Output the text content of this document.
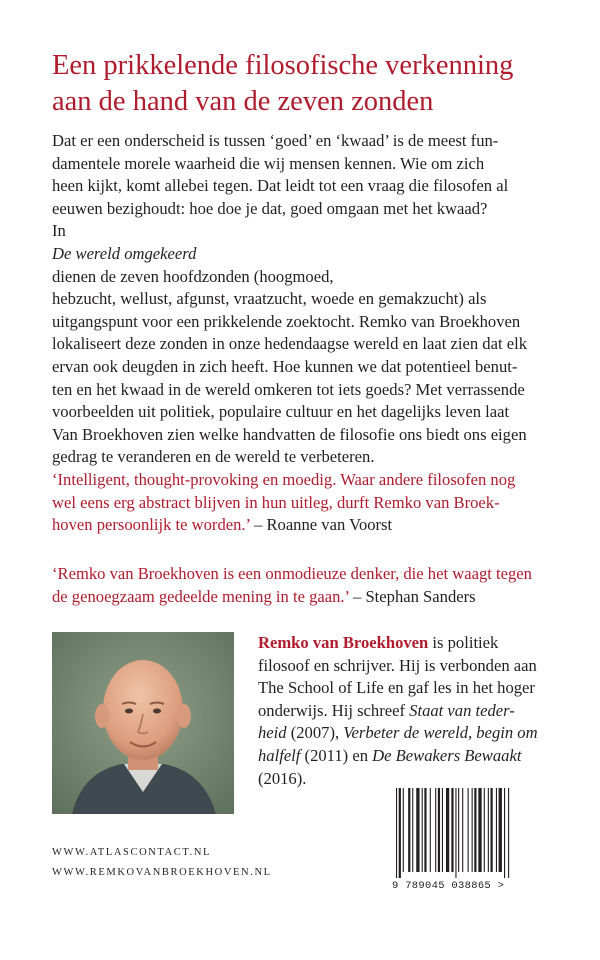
Een prikkelende filosofische verkenning
aan de hand van de zeven zonden
Dat er een onderscheid is tussen ‘goed’ en ‘kwaad’ is de meest fun-
damentele morele waarheid die wij mensen kennen. Wie om zich
heen kijkt, komt allebei tegen. Dat leidt tot een vraag die filosofen al
eeuwen bezighoudt: hoe doe je dat, goed omgaan met het kwaad?
In
De wereld omgekeerd
dienen de zeven hoofdzonden (hoogmoed,
hebzucht, wellust, afgunst, vraatzucht, woede en gemakzucht) als
uitgangspunt voor een prikkelende zoektocht. Remko van Broekhoven
lokaliseert deze zonden in onze hedendaagse wereld en laat zien dat elk
ervan ook deugden in zich heeft. Hoe kunnen we dat potentieel benut-
ten en het kwaad in de wereld omkeren tot iets goeds? Met verrassende
voorbeelden uit politiek, populaire cultuur en het dagelijks leven laat
Van Broekhoven zien welke handvatten de filosofie ons biedt ons eigen
gedrag te veranderen en de wereld te verbeteren.
‘Intelligent, thought-provoking en moedig. Waar andere filosofen nog
wel eens erg abstract blijven in hun uitleg, durft Remko van Broek-
hoven persoonlijk te worden.’ – Roanne van Voorst
‘Remko van Broekhoven is een onmodieuze denker, die het waagt tegen
de genoegzaam gedeelde mening in te gaan.’ – Stephan Sanders
Remko van Broekhoven is politiek
filosoof en schrijver. Hij is verbonden aan
The School of Life en gaf les in het hoger
onderwijs. Hij schreef Staat van teder-
heid (2007), Verbeter de wereld, begin om
halfelf (2011) en De Bewakers Bewaakt
(2016).
9 789045 038865 >
WWW.ATLASCONTACT.NL
WWW.REMKOVANBROEKHOVEN.NL
